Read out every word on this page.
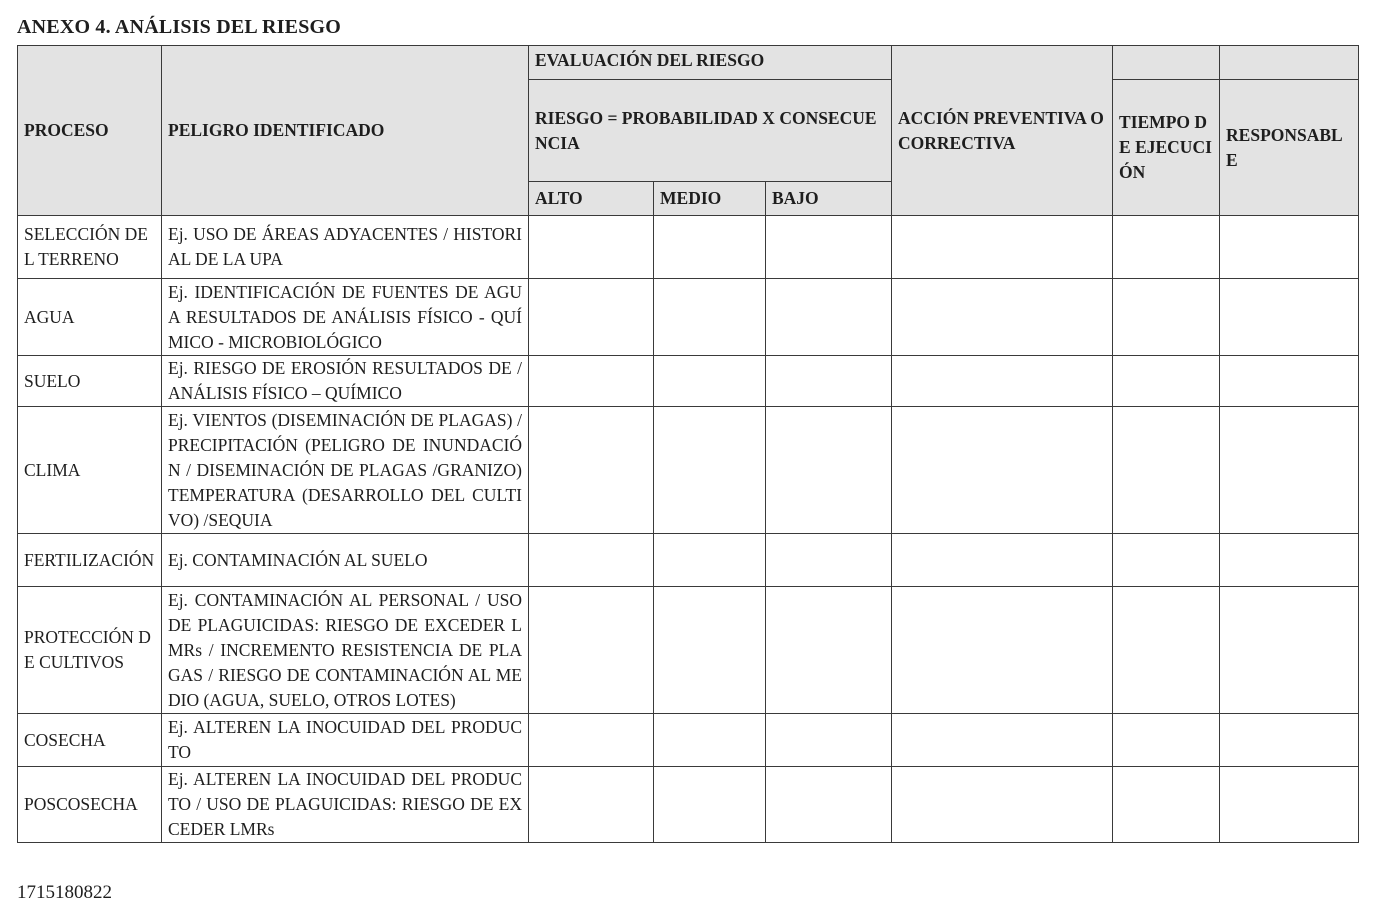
ANEXO 4. ANÁLISIS DEL RIESGO
PROCESO	PELIGRO IDENTIFICADO	EVALUACIÓN DEL RIESGO			ACCIÓN PREVENTIVA O CORRECTIVA		
		RIESGO = PROBABILIDAD X CONSECUENCIA				TIEMPO DE EJECUCIÓN	RESPONSABLE
		ALTO	MEDIO	BAJO			
SELECCIÓN DEL TERRENO	Ej. USO DE ÁREAS ADYACENTES / HISTORIAL DE LA UPA						
AGUA	Ej. IDENTIFICACIÓN DE FUENTES DE AGUA RESULTADOS DE ANÁLISIS FÍSICO - QUÍMICO - MICROBIOLÓGICO						
SUELO	Ej. RIESGO DE EROSIÓN RESULTADOS DE /ANÁLISIS FÍSICO – QUÍMICO						
CLIMA	Ej. VIENTOS (DISEMINACIÓN DE PLAGAS) / PRECIPITACIÓN (PELIGRO DE INUNDACIÓN / DISEMINACIÓN DE PLAGAS /GRANIZO) TEMPERATURA (DESARROLLO DEL CULTIVO) /SEQUIA						
FERTILIZACIÓN	Ej. CONTAMINACIÓN AL SUELO						
PROTECCIÓN DE CULTIVOS	Ej. CONTAMINACIÓN AL PERSONAL / USO DE PLAGUICIDAS: RIESGO DE EXCEDER LMRs / INCREMENTO RESISTENCIA DE PLAGAS / RIESGO DE CONTAMINACIÓN AL MEDIO (AGUA, SUELO, OTROS LOTES)						
COSECHA	Ej. ALTEREN LA INOCUIDAD DEL PRODUCTO						
POSCOSECHA	Ej. ALTEREN LA INOCUIDAD DEL PRODUCTO / USO DE PLAGUICIDAS: RIESGO DE EXCEDER LMRs						
1715180822
